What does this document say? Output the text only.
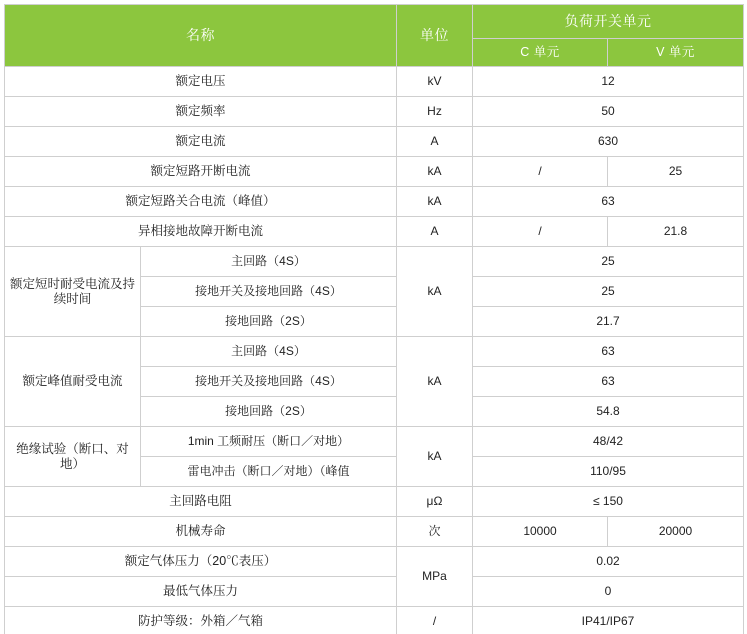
名称		单位	负荷开关单元	
			C 单元	V 单元
额定电压		kV	12	
额定频率		Hz	50	
额定电流		A	630	
额定短路开断电流		kA	/	25
额定短路关合电流（峰值）		kA	63	
异相接地故障开断电流		A	/	21.8
额定短时耐受电流及持续时间	主回路（4S）	kA	25	
	接地开关及接地回路（4S）		25	
	接地回路（2S）		21.7	
额定峰值耐受电流	主回路（4S）	kA	63	
	接地开关及接地回路（4S）		63	
	接地回路（2S）		54.8	
绝缘试验（断口、对地）	1min 工频耐压（断口／对地）	kA	48/42	
	雷电冲击（断口／对地）（峰值		110/95	
主回路电阻		μΩ	≤ 150	
机械寿命		次	10000	20000
额定气体压力（20℃表压）		MPa	0.02	
最低气体压力			0	
防护等级：外箱／气箱		/	IP41/IP67	
